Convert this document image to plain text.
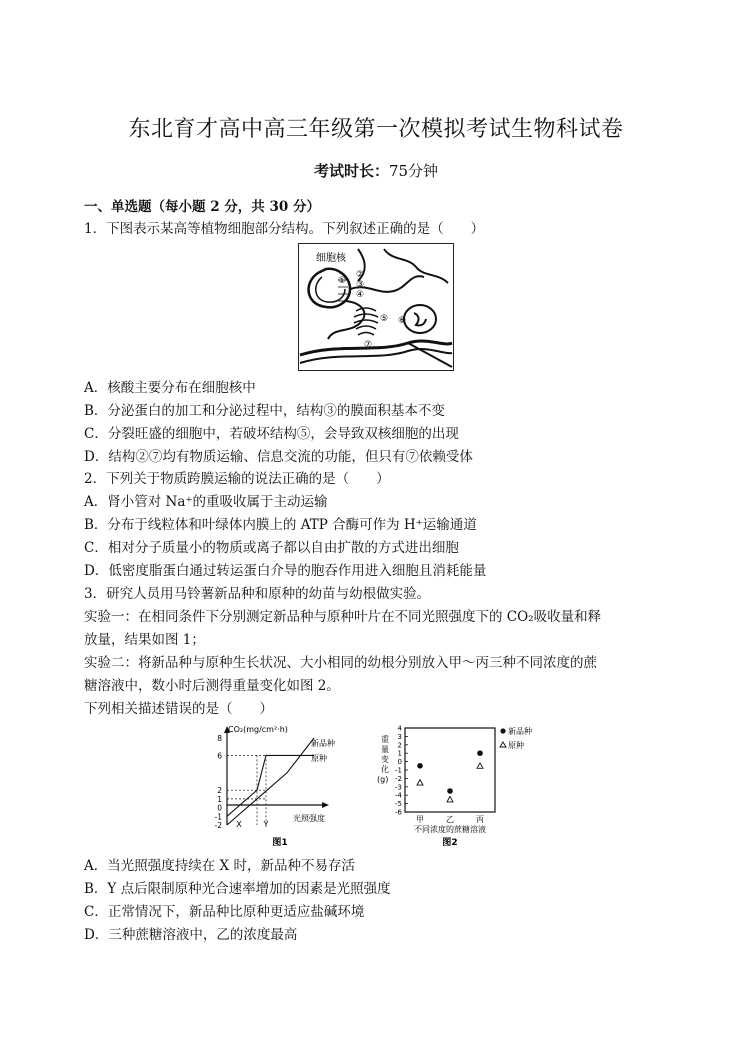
东北育才高中高三年级第一次模拟考试生物科试卷
考试时长：75分钟
一、单选题（每小题 2 分，共 30 分）
1．下图表示某高等植物细胞部分结构。下列叙述正确的是（　　）
细胞核
①
②
③
④
⑤ ⑥
⑦
A．核酸主要分布在细胞核中
B．分泌蛋白的加工和分泌过程中，结构③的膜面积基本不变
C．分裂旺盛的细胞中，若破坏结构⑤，会导致双核细胞的出现
D．结构②⑦均有物质运输、信息交流的功能，但只有⑦依赖受体
2．下列关于物质跨膜运输的说法正确的是（　　）
A．肾小管对 Na⁺的重吸收属于主动运输
B．分布于线粒体和叶绿体内膜上的 ATP 合酶可作为 H⁺运输通道
C．相对分子质量小的物质或离子都以自由扩散的方式进出细胞
D．低密度脂蛋白通过转运蛋白介导的胞吞作用进入细胞且消耗能量
3．研究人员用马铃薯新品种和原种的幼苗与幼根做实验。
实验一：在相同条件下分别测定新品种与原种叶片在不同光照强度下的 CO₂吸收量和释
放量，结果如图 1；
实验二：将新品种与原种生长状况、大小相同的幼根分别放入甲～丙三种不同浓度的蔗
糖溶液中，数小时后测得重量变化如图 2。
下列相关描述错误的是（　　）
CO₂(mg/cm²·h)
光照强度
图1
8
6
2
1
0
-1
-2 X	Y
新品种
原种
重量变化(g)
不同浓度的蔗糖溶液
图2
4
3
2
1
0
-1
-2
-3
-4
-5
-6
甲	乙	丙
新品种
原种
A．当光照强度持续在 X 时，新品种不易存活
B．Y 点后限制原种光合速率增加的因素是光照强度
C．正常情况下，新品种比原种更适应盐碱环境
D．三种蔗糖溶液中，乙的浓度最高
